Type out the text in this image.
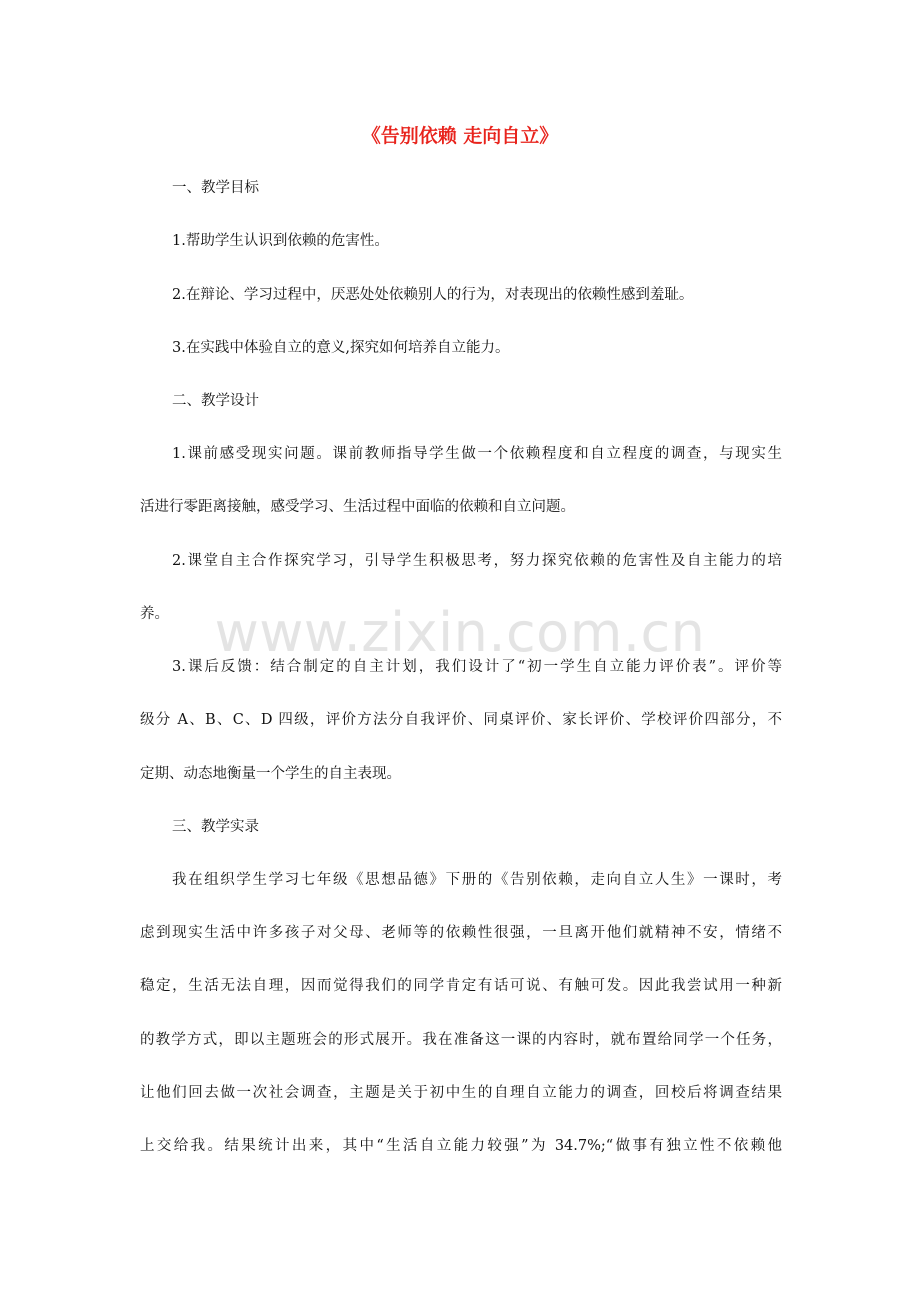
《告别依赖 走向自立》

一、教学目标

1.帮助学生认识到依赖的危害性。

2.在辩论、学习过程中，厌恶处处依赖别人的行为，对表现出的依赖性感到羞耻。

3.在实践中体验自立的意义,探究如何培养自立能力。

二、教学设计

1.课前感受现实问题。课前教师指导学生做一个依赖程度和自立程度的调查，与现实生

活进行零距离接触，感受学习、生活过程中面临的依赖和自立问题。

2.课堂自主合作探究学习，引导学生积极思考，努力探究依赖的危害性及自主能力的培

养。

3.课后反馈：结合制定的自主计划，我们设计了“初一学生自立能力评价表”。评价等

级分 A、B、C、D 四级，评价方法分自我评价、同桌评价、家长评价、学校评价四部分，不

定期、动态地衡量一个学生的自主表现。

三、教学实录

我在组织学生学习七年级《思想品德》下册的《告别依赖，走向自立人生》一课时，考

虑到现实生活中许多孩子对父母、老师等的依赖性很强，一旦离开他们就精神不安，情绪不

稳定，生活无法自理，因而觉得我们的同学肯定有话可说、有触可发。因此我尝试用一种新

的教学方式，即以主题班会的形式展开。我在准备这一课的内容时，就布置给同学一个任务，

让他们回去做一次社会调查，主题是关于初中生的自理自立能力的调查，回校后将调查结果

上交给我。结果统计出来，其中“生活自立能力较强”为 34.7%;“做事有独立性不依赖他

www.zixin.com.cn
